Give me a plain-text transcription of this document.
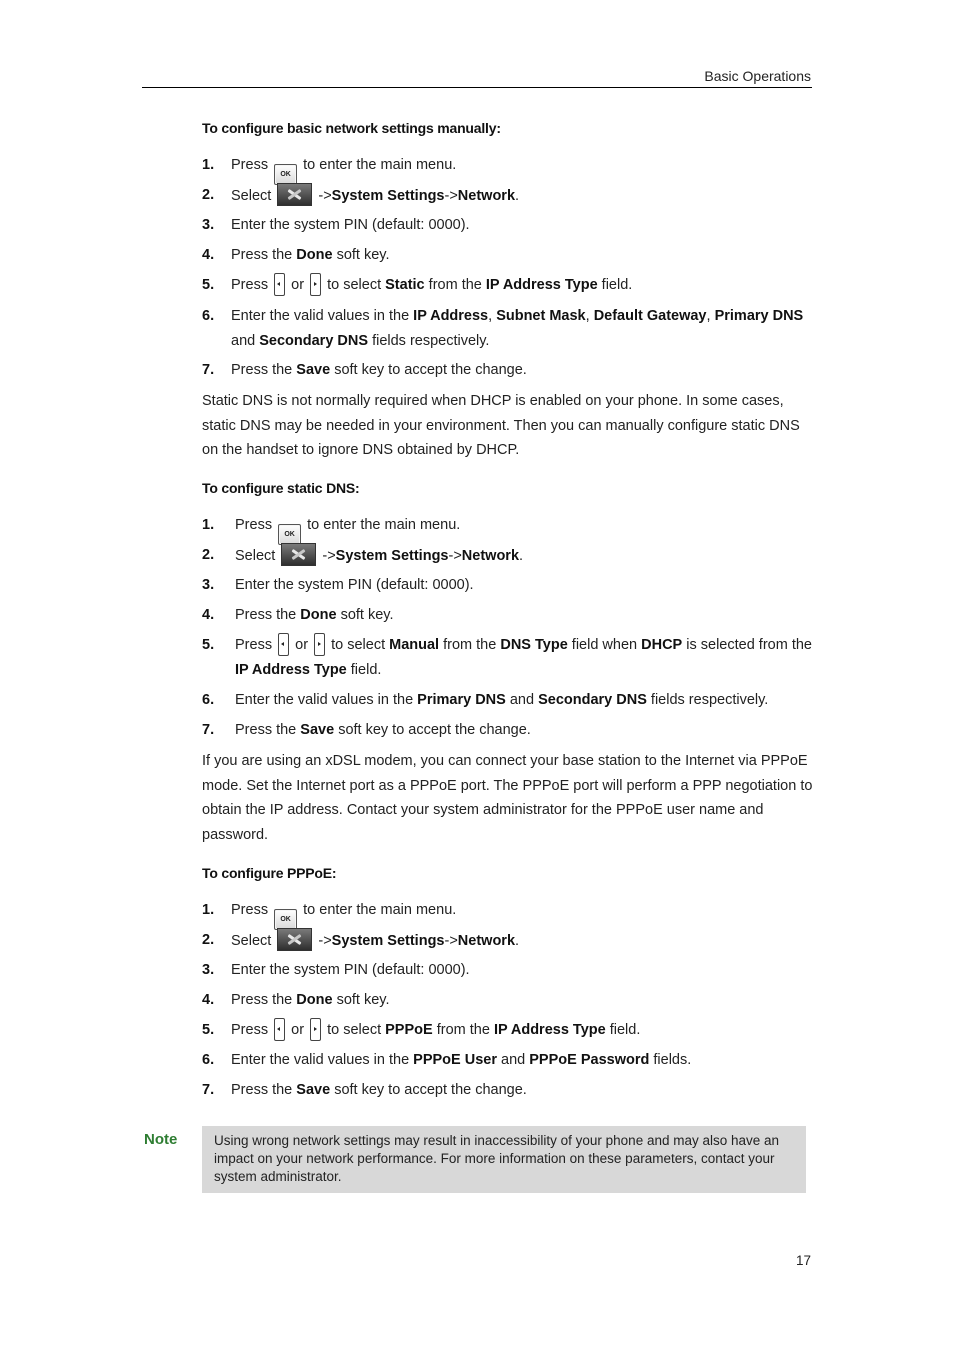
Basic Operations
To configure basic network settings manually:
1. Press OK to enter the main menu.
2. Select	->System Settings->Network.
3. Enter the system PIN (default: 0000).
4. Press the Done soft key.
5. Press or to select Static from the IP Address Type field.
6. Enter the valid values in the IP Address, Subnet Mask, Default Gateway, Primary DNS and Secondary DNS fields respectively.
7. Press the Save soft key to accept the change.
Static DNS is not normally required when DHCP is enabled on your phone. In some cases, static DNS may be needed in your environment. Then you can manually configure static DNS on the handset to ignore DNS obtained by DHCP.
To configure static DNS:
1. Press OK to enter the main menu.
2. Select	->System Settings->Network.
3. Enter the system PIN (default: 0000).
4. Press the Done soft key.
5. Press or to select Manual from the DNS Type field when DHCP is selected from the IP Address Type field.
6. Enter the valid values in the Primary DNS and Secondary DNS fields respectively.
7. Press the Save soft key to accept the change.
If you are using an xDSL modem, you can connect your base station to the Internet via PPPoE mode. Set the Internet port as a PPPoE port. The PPPoE port will perform a PPP negotiation to obtain the IP address. Contact your system administrator for the PPPoE user name and password.
To configure PPPoE:
1. Press OK to enter the main menu.
2. Select	->System Settings->Network.
3. Enter the system PIN (default: 0000).
4. Press the Done soft key.
5. Press or to select PPPoE from the IP Address Type field.
6. Enter the valid values in the PPPoE User and PPPoE Password fields.
7. Press the Save soft key to accept the change.
Note	Using wrong network settings may result in inaccessibility of your phone and may also have an impact on your network performance. For more information on these parameters, contact your system administrator.
17
